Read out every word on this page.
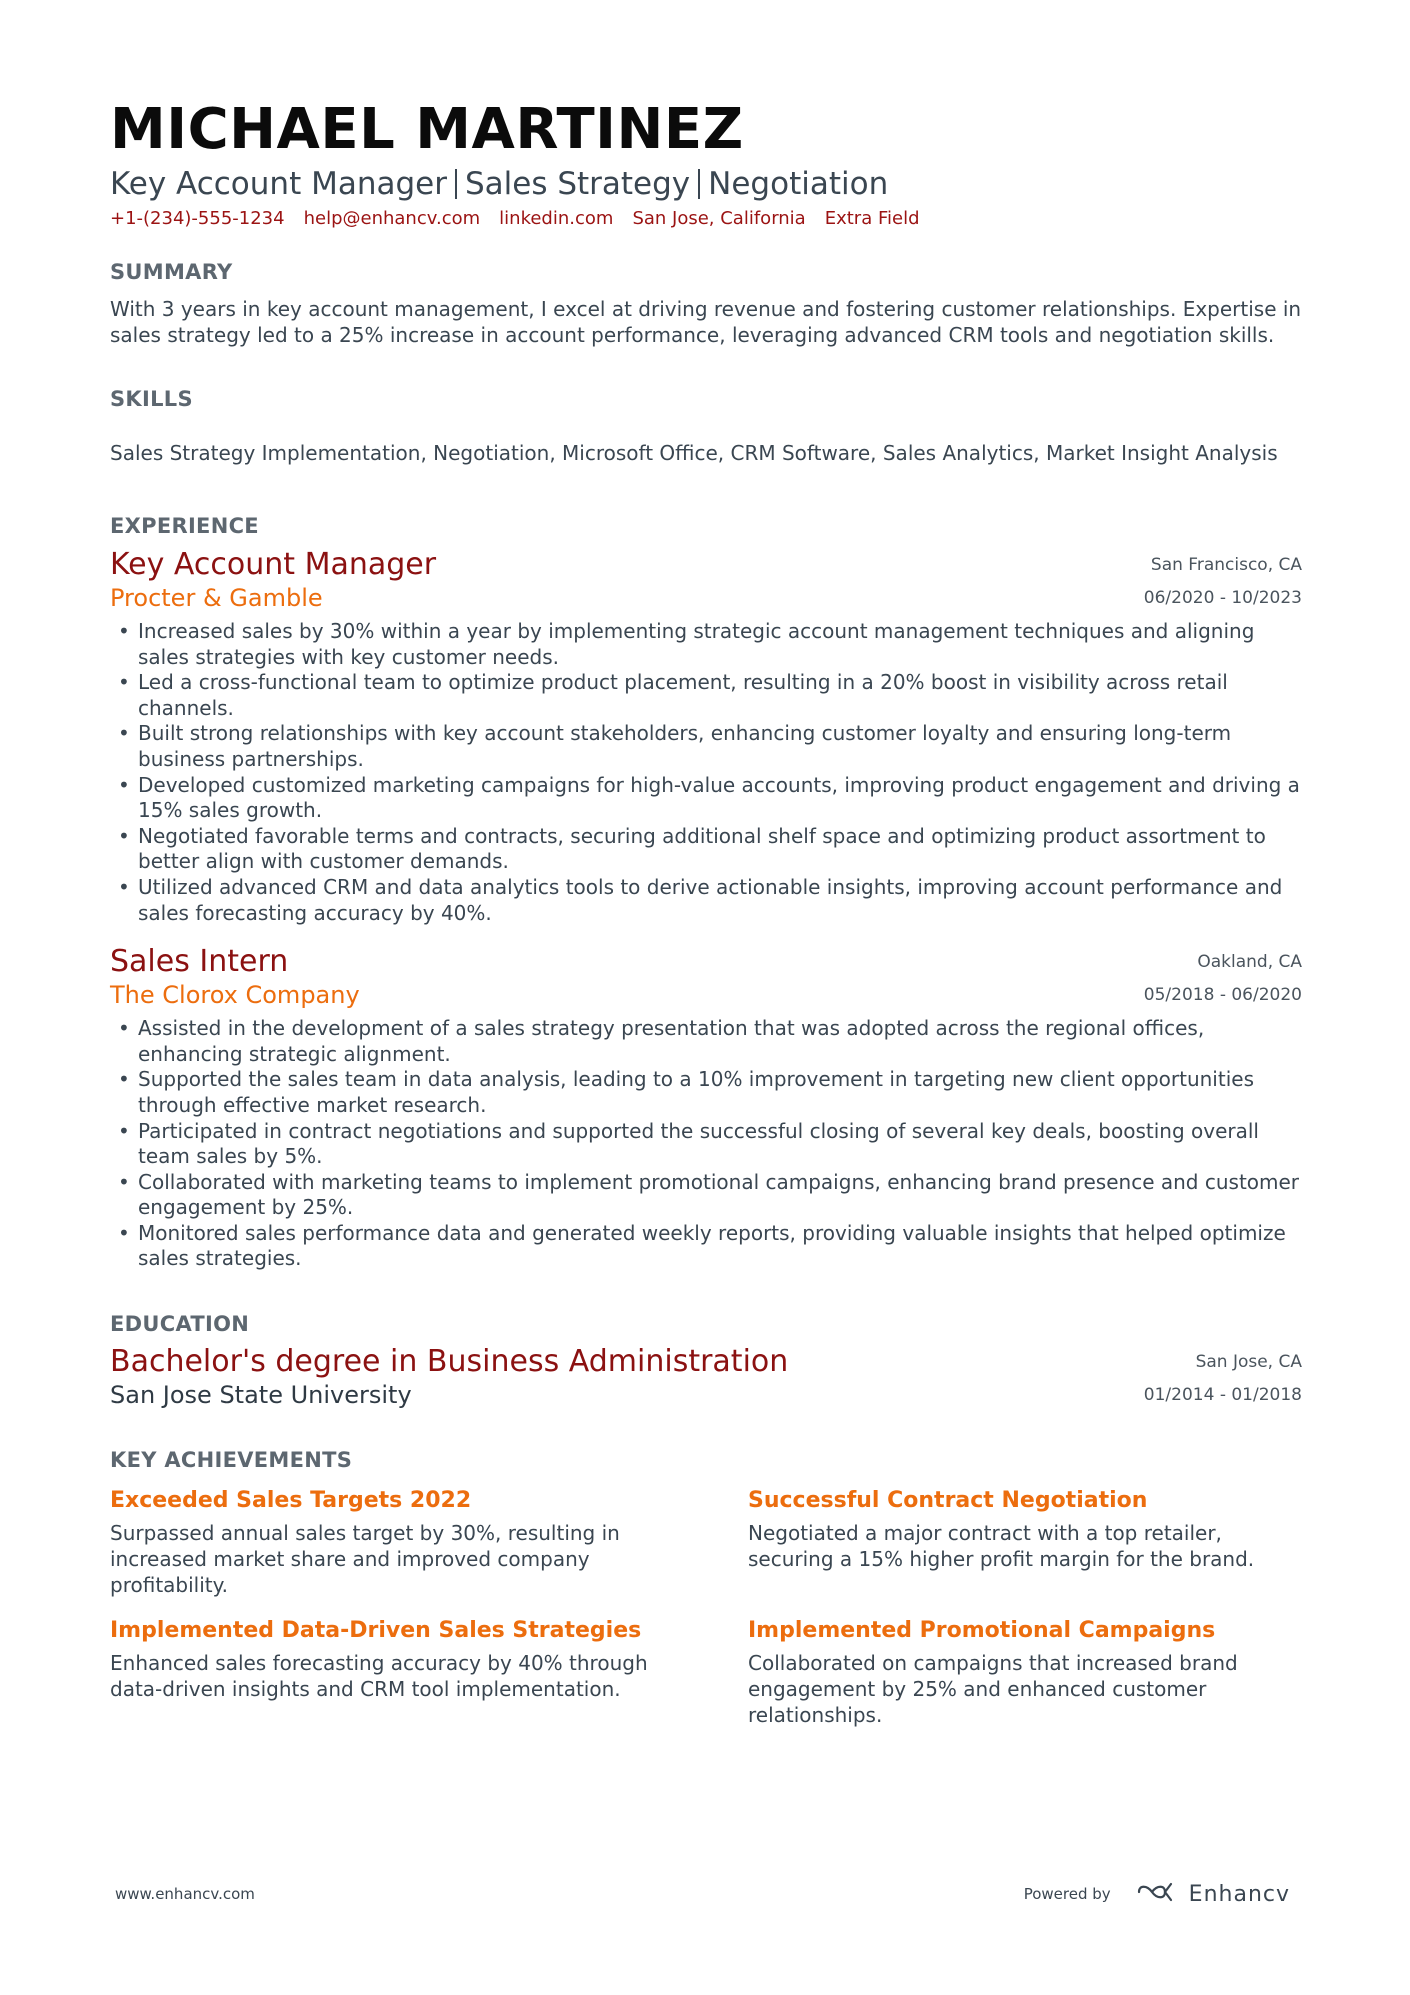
MICHAEL MARTINEZ
Key Account Manager Sales Strategy Negotiation
+1-(234)-555-1234 help@enhancv.com linkedin.com San Jose, California Extra Field
SUMMARY

With 3 years in key account management, I excel at driving revenue and fostering customer relationships. Expertise in sales strategy led to a 25% increase in account performance, leveraging advanced CRM tools and negotiation skills.

SKILLS

Sales Strategy Implementation, Negotiation, Microsoft Office, CRM Software, Sales Analytics, Market Insight Analysis

EXPERIENCE
Key Account Manager
Procter & Gamble
San Francisco, CA
06/2020 - 10/2023
• Increased sales by 30% within a year by implementing strategic account management techniques and aligning sales strategies with key customer needs.
• Led a cross-functional team to optimize product placement, resulting in a 20% boost in visibility across retail channels.
• Built strong relationships with key account stakeholders, enhancing customer loyalty and ensuring long-term business partnerships.
• Developed customized marketing campaigns for high-value accounts, improving product engagement and driving a 15% sales growth.
• Negotiated favorable terms and contracts, securing additional shelf space and optimizing product assortment to better align with customer demands.
• Utilized advanced CRM and data analytics tools to derive actionable insights, improving account performance and sales forecasting accuracy by 40%.
Sales Intern
The Clorox Company
Oakland, CA
05/2018 - 06/2020
• Assisted in the development of a sales strategy presentation that was adopted across the regional offices, enhancing strategic alignment.
• Supported the sales team in data analysis, leading to a 10% improvement in targeting new client opportunities through effective market research.
• Participated in contract negotiations and supported the successful closing of several key deals, boosting overall team sales by 5%.
• Collaborated with marketing teams to implement promotional campaigns, enhancing brand presence and customer engagement by 25%.
• Monitored sales performance data and generated weekly reports, providing valuable insights that helped optimize sales strategies.
EDUCATION
Bachelor's degree in Business Administration
San Jose State University
San Jose, CA
01/2014 - 01/2018
KEY ACHIEVEMENTS
Exceeded Sales Targets 2022
Surpassed annual sales target by 30%, resulting in increased market share and improved company profitability.
Successful Contract Negotiation
Negotiated a major contract with a top retailer, securing a 15% higher profit margin for the brand.
Implemented Data-Driven Sales Strategies
Enhanced sales forecasting accuracy by 40% through data-driven insights and CRM tool implementation.
Implemented Promotional Campaigns
Collaborated on campaigns that increased brand engagement by 25% and enhanced customer relationships.
www.enhancv.com	Powered by	Enhancv
